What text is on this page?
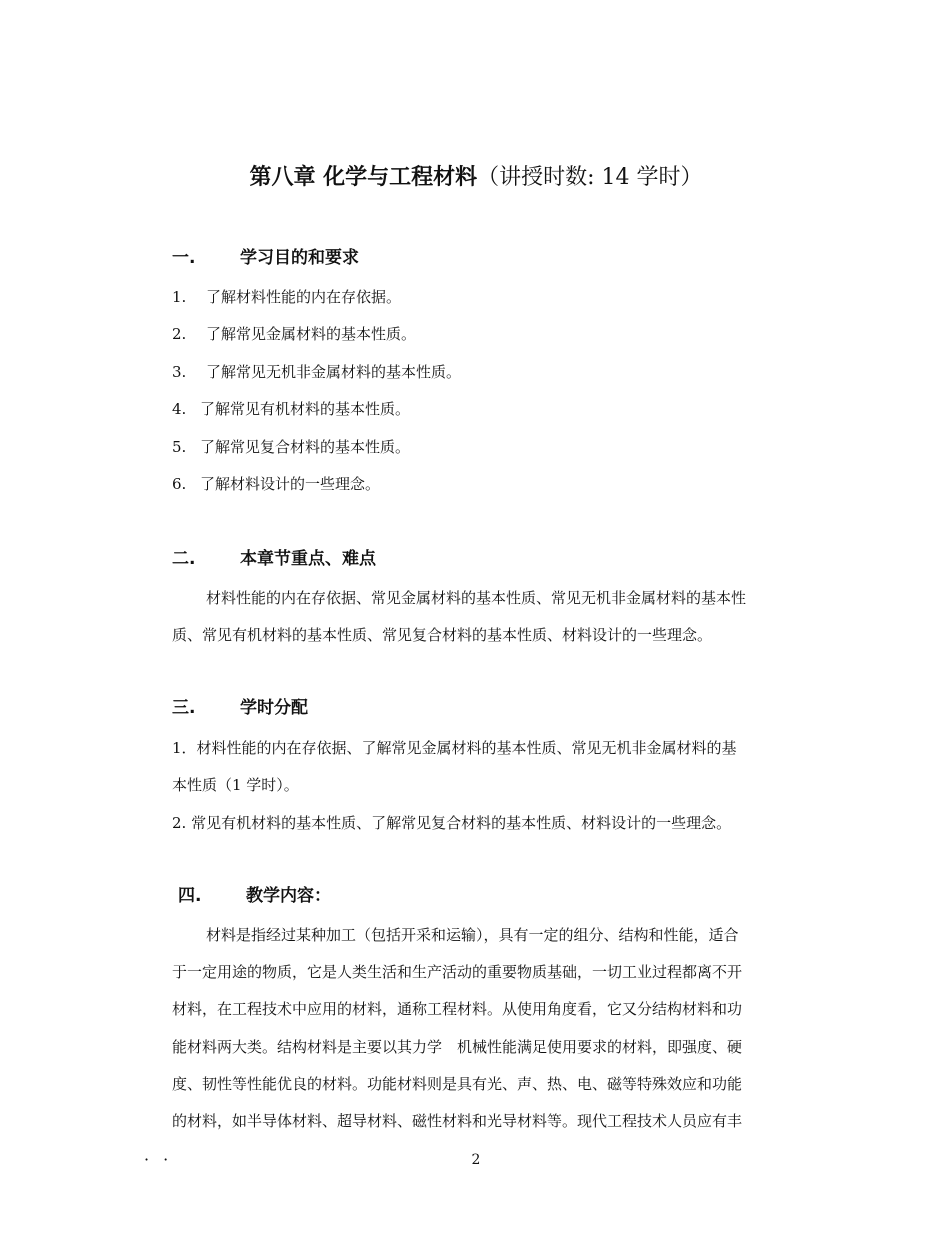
第八章 化学与工程材料（讲授时数: 14 学时）
一.	学习目的和要求
1. 了解材料性能的内在存依据。
2. 了解常见金属材料的基本性质。
3. 了解常见无机非金属材料的基本性质。
4. 了解常见有机材料的基本性质。
5. 了解常见复合材料的基本性质。
6. 了解材料设计的一些理念。
二.	本章节重点、难点
材料性能的内在存依据、常见金属材料的基本性质、常见无机非金属材料的基本性
质、常见有机材料的基本性质、常见复合材料的基本性质、材料设计的一些理念。
三.	学时分配
1．材料性能的内在存依据、了解常见金属材料的基本性质、常见无机非金属材料的基
本性质（1 学时）。
2. 常见有机材料的基本性质、了解常见复合材料的基本性质、材料设计的一些理念。
四.	教学内容：
材料是指经过某种加工（包括开采和运输），具有一定的组分、结构和性能，适合
于一定用途的物质，它是人类生活和生产活动的重要物质基础，一切工业过程都离不开
材料，在工程技术中应用的材料，通称工程材料。从使用角度看，它又分结构材料和功
能材料两大类。结构材料是主要以其力学　机械性能满足使用要求的材料，即强度、硬
度、韧性等性能优良的材料。功能材料则是具有光、声、热、电、磁等特殊效应和功能
的材料，如半导体材料、超导材料、磁性材料和光导材料等。现代工程技术人员应有丰
··	2
